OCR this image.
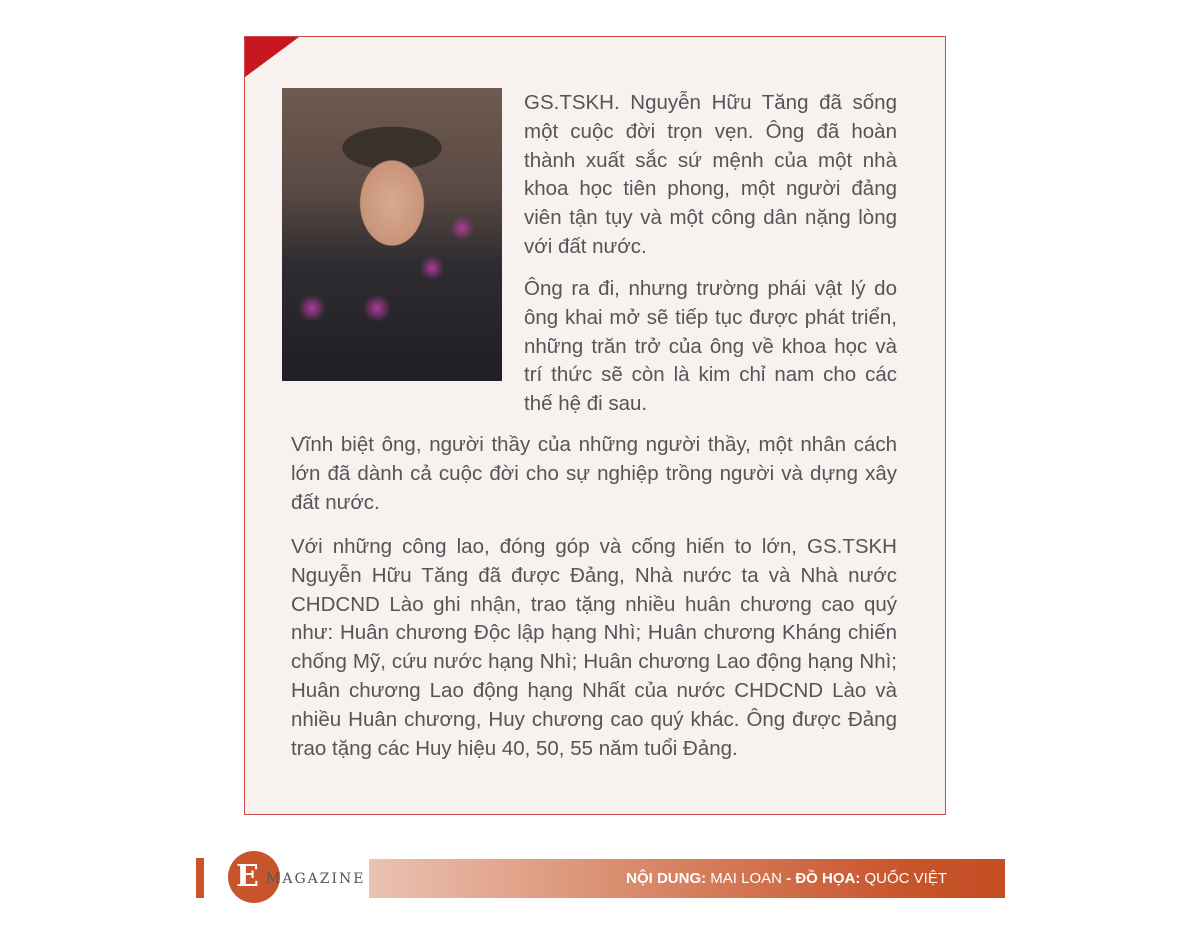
GS.TSKH. Nguyễn Hữu Tăng đã sống một cuộc đời trọn vẹn. Ông đã hoàn thành xuất sắc sứ mệnh của một nhà khoa học tiên phong, một người đảng viên tận tụy và một công dân nặng lòng với đất nước.

Ông ra đi, nhưng trường phái vật lý do ông khai mở sẽ tiếp tục được phát triển, những trăn trở của ông về khoa học và trí thức sẽ còn là kim chỉ nam cho các thế hệ đi sau.

Vĩnh biệt ông, người thầy của những người thầy, một nhân cách lớn đã dành cả cuộc đời cho sự nghiệp trồng người và dựng xây đất nước.

Với những công lao, đóng góp và cống hiến to lớn, GS.TSKH Nguyễn Hữu Tăng đã được Đảng, Nhà nước ta và Nhà nước CHDCND Lào ghi nhận, trao tặng nhiều huân chương cao quý như: Huân chương Độc lập hạng Nhì; Huân chương Kháng chiến chống Mỹ, cứu nước hạng Nhì; Huân chương Lao động hạng Nhì; Huân chương Lao động hạng Nhất của nước CHDCND Lào và nhiều Huân chương, Huy chương cao quý khác. Ông được Đảng trao tặng các Huy hiệu 40, 50, 55 năm tuổi Đảng.

E MAGAZINE	NỘI DUNG: MAI LOAN - ĐỒ HỌA: QUỐC VIỆT
